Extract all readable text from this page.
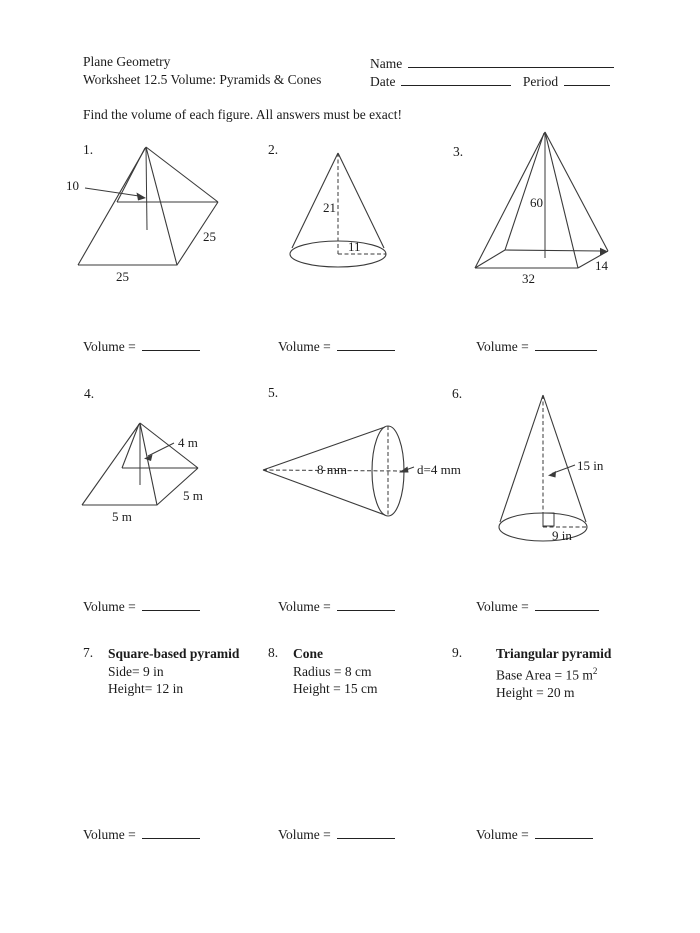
Plane Geometry
Worksheet 12.5 Volume: Pyramids & Cones
Name
Date	Period
Find the volume of each figure. All answers must be exact!
1.	2.	3.
10
25
25
21
11
60
32
14
Volume =	Volume =	Volume =
4.	5.	6.
4 m
5 m
5 m
8 mm	d=4 mm	15 in
9 in
Volume =	Volume =	Volume =
7. Square-based pyramid
Side= 9 in
Height= 12 in
8. Cone
Radius = 8 cm
Height = 15 cm
9.	Triangular pyramid
Base Area = 15 $m^2$
Height = 20 m
Volume =	Volume =	Volume =
